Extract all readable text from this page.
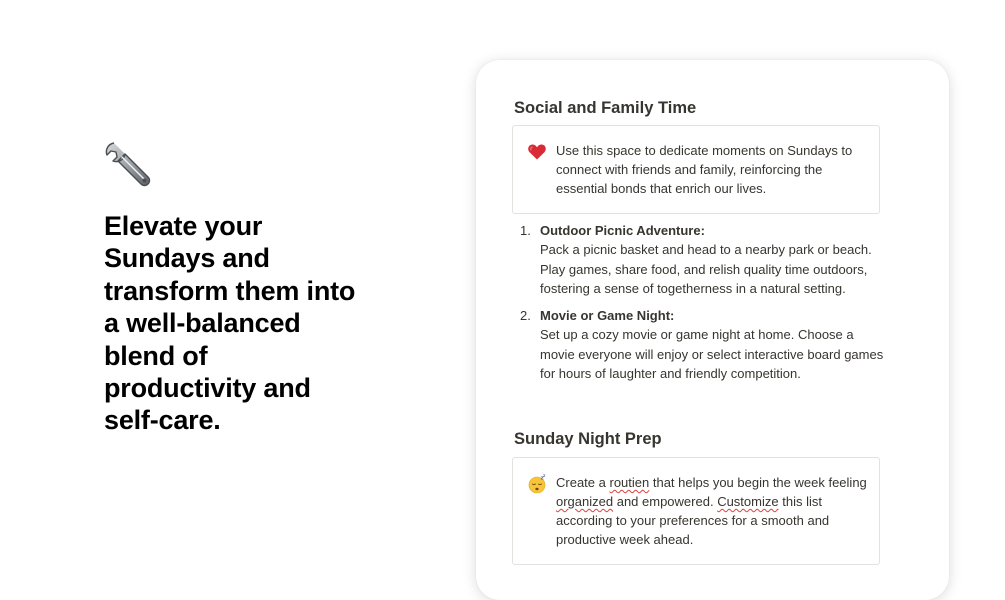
Elevate your Sundays and transform them into a well-balanced blend of productivity and self-care.

Social and Family Time
Use this space to dedicate moments on Sundays to connect with friends and family, reinforcing the essential bonds that enrich our lives.
1. Outdoor Picnic Adventure:
Pack a picnic basket and head to a nearby park or beach. Play games, share food, and relish quality time outdoors, fostering a sense of togetherness in a natural setting.
2. Movie or Game Night:
Set up a cozy movie or game night at home. Choose a movie everyone will enjoy or select interactive board games for hours of laughter and friendly competition.
Sunday Night Prep
z z Create a routien that helps you begin the week feeling organized and empowered. Customize this list according to your preferences for a smooth and productive week ahead.
